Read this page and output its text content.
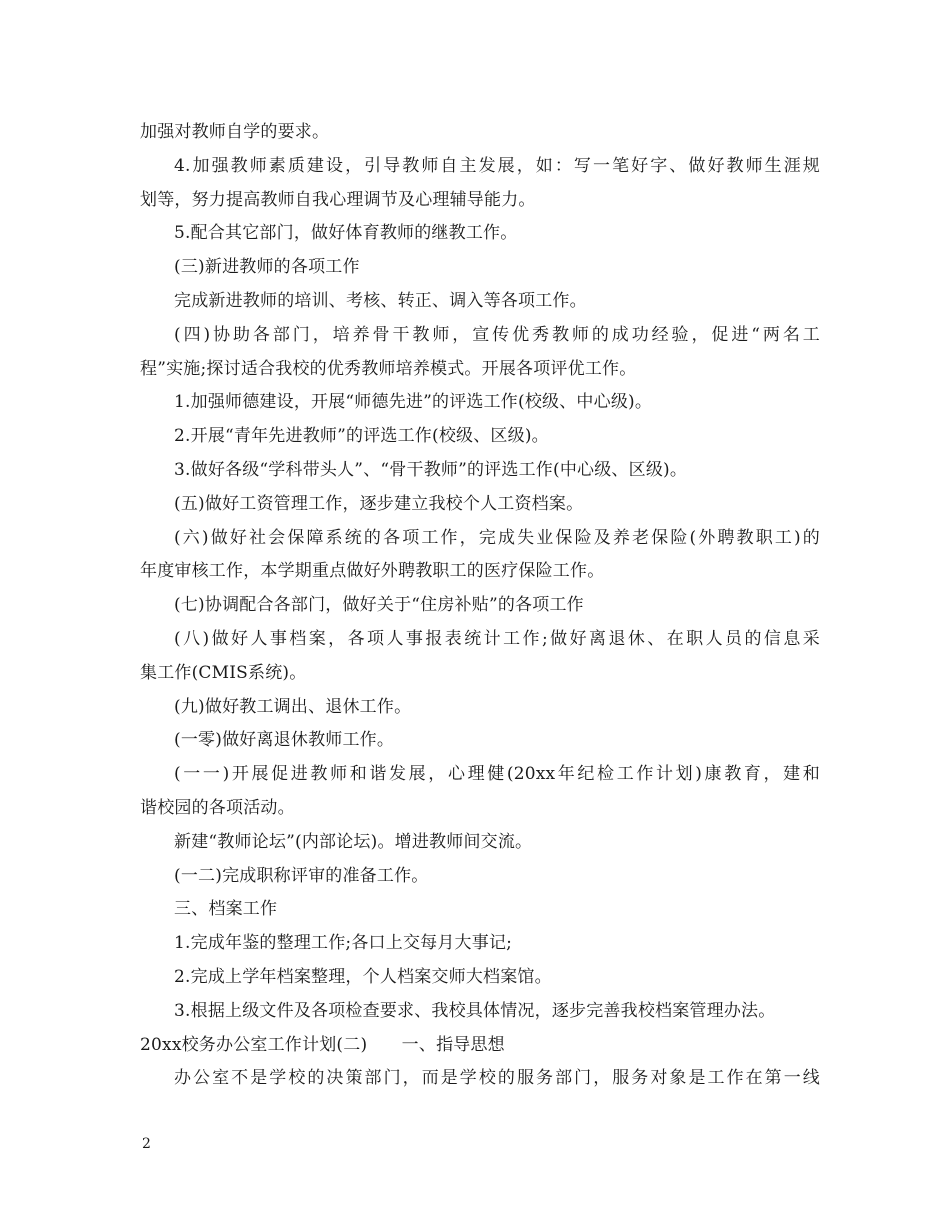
加强对教师自学的要求。
4.加强教师素质建设，引导教师自主发展，如：写一笔好字、做好教师生涯规
划等，努力提高教师自我心理调节及心理辅导能力。
5.配合其它部门，做好体育教师的继教工作。
(三)新进教师的各项工作
完成新进教师的培训、考核、转正、调入等各项工作。
(四)协助各部门，培养骨干教师，宣传优秀教师的成功经验，促进“两名工
程”实施;探讨适合我校的优秀教师培养模式。开展各项评优工作。
1.加强师德建设，开展“师德先进”的评选工作(校级、中心级)。
2.开展“青年先进教师”的评选工作(校级、区级)。
3.做好各级“学科带头人”、“骨干教师”的评选工作(中心级、区级)。
(五)做好工资管理工作，逐步建立我校个人工资档案。
(六)做好社会保障系统的各项工作，完成失业保险及养老保险(外聘教职工)的
年度审核工作，本学期重点做好外聘教职工的医疗保险工作。
(七)协调配合各部门，做好关于“住房补贴”的各项工作
(八)做好人事档案，各项人事报表统计工作;做好离退休、在职人员的信息采
集工作(CMIS系统)。
(九)做好教工调出、退休工作。
(一零)做好离退休教师工作。
(一一)开展促进教师和谐发展，心理健(20xx年纪检工作计划)康教育，建和
谐校园的各项活动。
新建“教师论坛”(内部论坛)。增进教师间交流。
(一二)完成职称评审的准备工作。
三、档案工作
1.完成年鉴的整理工作;各口上交每月大事记;
2.完成上学年档案整理，个人档案交师大档案馆。
3.根据上级文件及各项检查要求、我校具体情况，逐步完善我校档案管理办法。
20xx校务办公室工作计划(二)　　一、指导思想
办公室不是学校的决策部门，而是学校的服务部门，服务对象是工作在第一线
2
